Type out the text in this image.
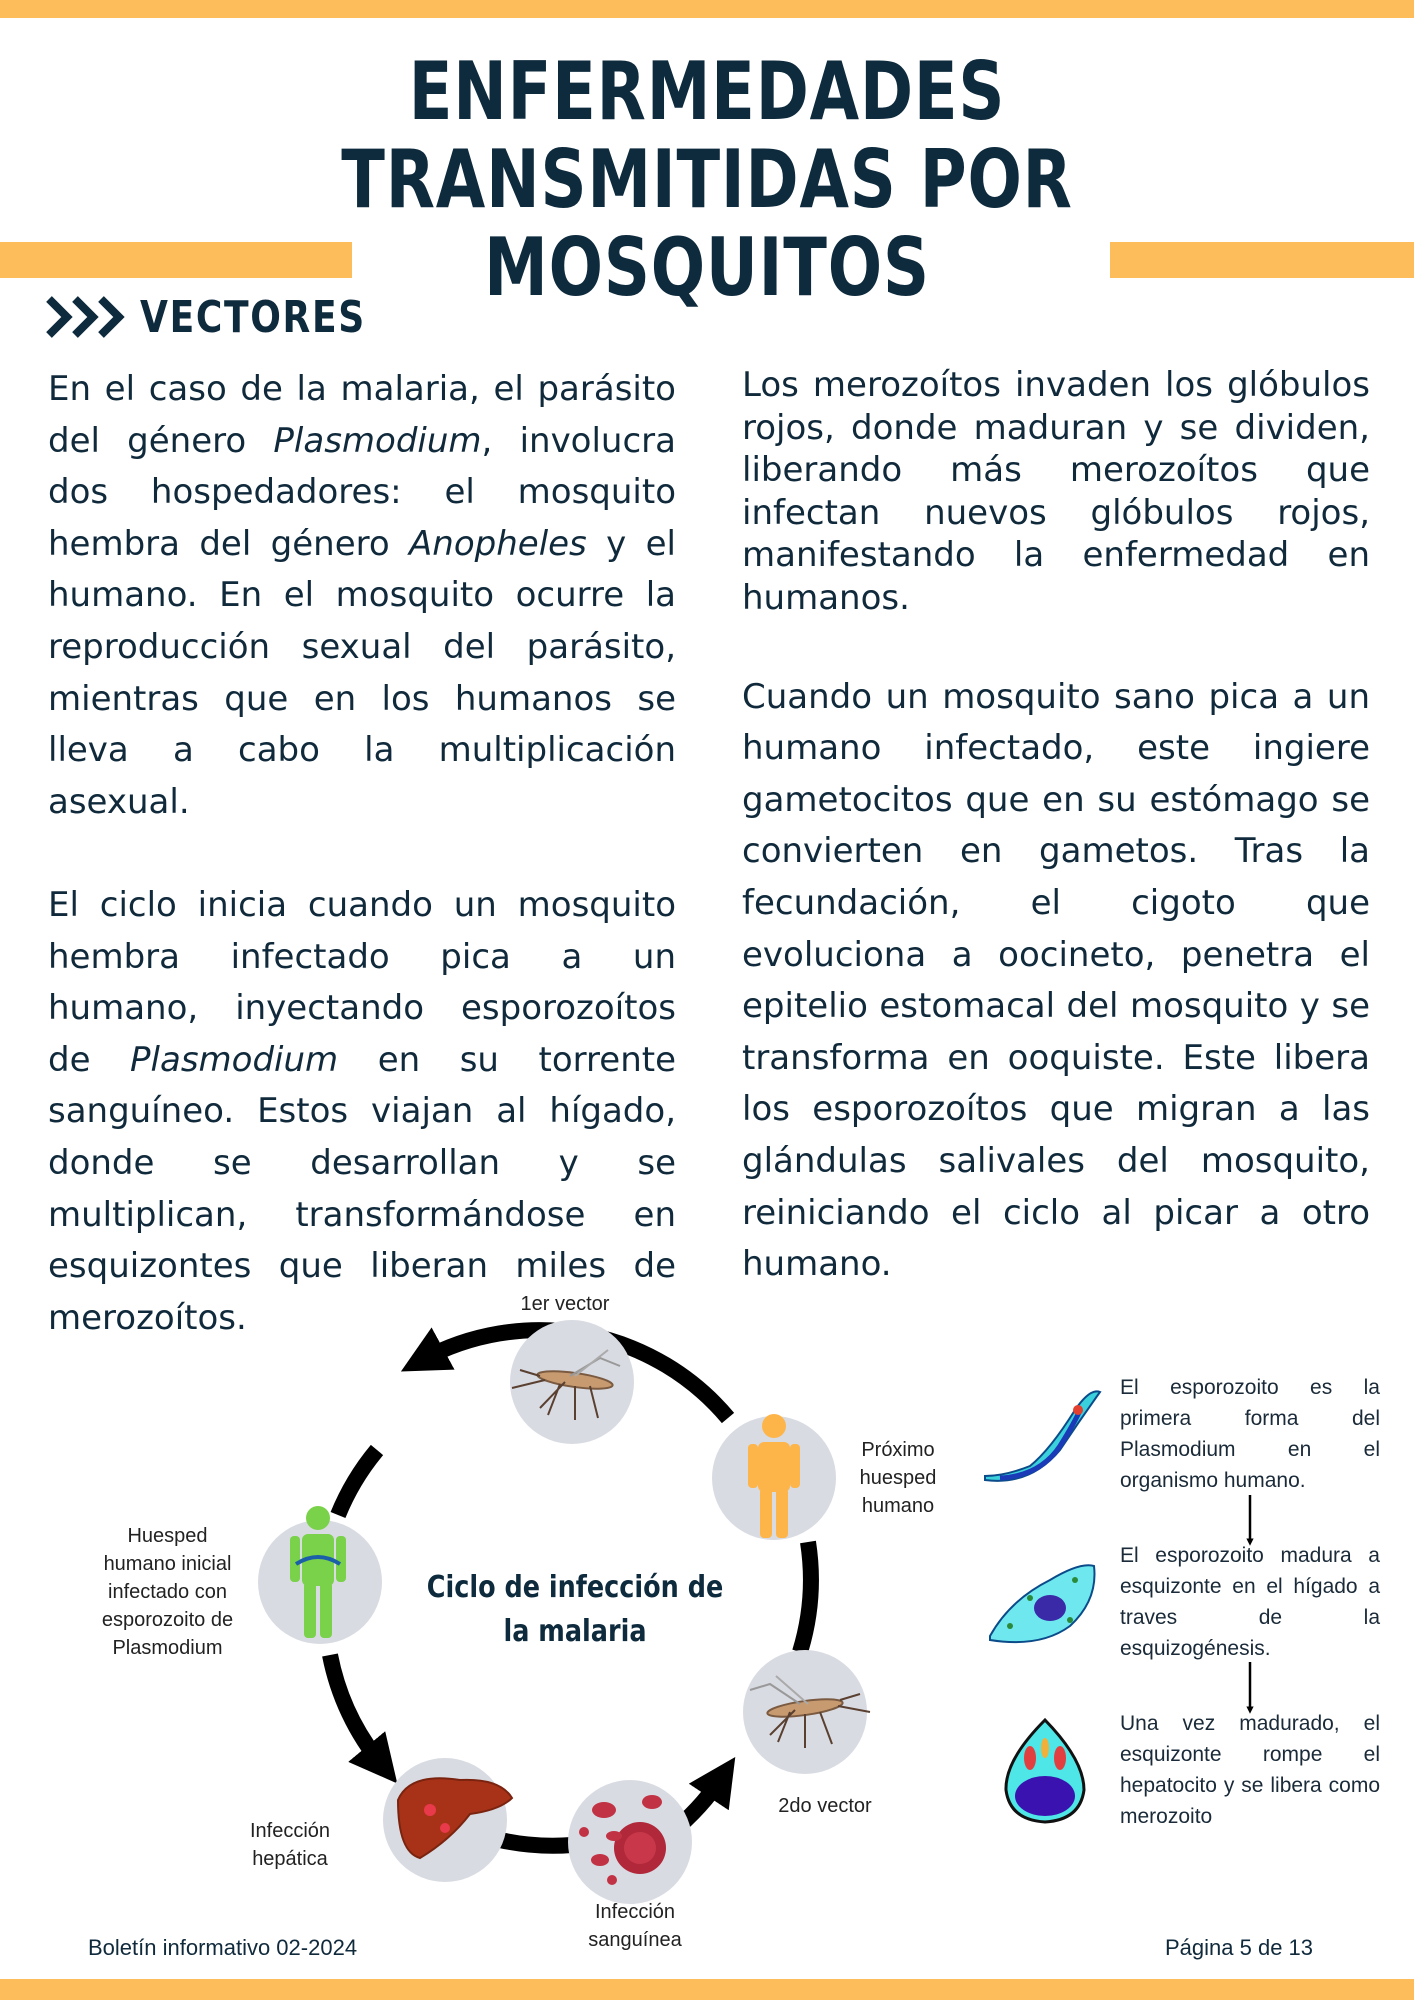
ENFERMEDADES TRANSMITIDAS POR MOSQUITOS
VECTORES

En el caso de la malaria, el parásito del género Plasmodium, involucra dos hospedadores: el mosquito hembra del género Anopheles y el humano. En el mosquito ocurre la reproducción sexual del parásito, mientras que en los humanos se lleva a cabo la multiplicación asexual.

El ciclo inicia cuando un mosquito hembra infectado pica a un humano, inyectando esporozoítos de Plasmodium en su torrente sanguíneo. Estos viajan al hígado, donde se desarrollan y se multiplican, transformándose en esquizontes que liberan miles de merozoítos.

Los merozoítos invaden los glóbulos rojos, donde maduran y se dividen, liberando más merozoítos que infectan nuevos glóbulos rojos, manifestando la enfermedad en humanos.

Cuando un mosquito sano pica a un humano infectado, este ingiere gametocitos que en su estómago se convierten en gametos. Tras la fecundación, el cigoto que evoluciona a oocineto, penetra el epitelio estomacal del mosquito y se transforma en ooquiste. Este libera los esporozoítos que migran a las glándulas salivales del mosquito, reiniciando el ciclo al picar a otro humano.

1er vector
Próximo
huesped
humano
2do vector
Infección
sanguínea
Infección
hepática
Huesped
humano inicial
infectado con
esporozoito de
Plasmodium
Ciclo de infección de
la malaria
El esporozoito es la primera forma del Plasmodium en el organismo humano.
El esporozoito madura a esquizonte en el hígado a traves de la esquizogénesis.
Una vez madurado, el esquizonte rompe el hepatocito y se libera como merozoito
Boletín informativo 02-2024	Página 5 de 13
